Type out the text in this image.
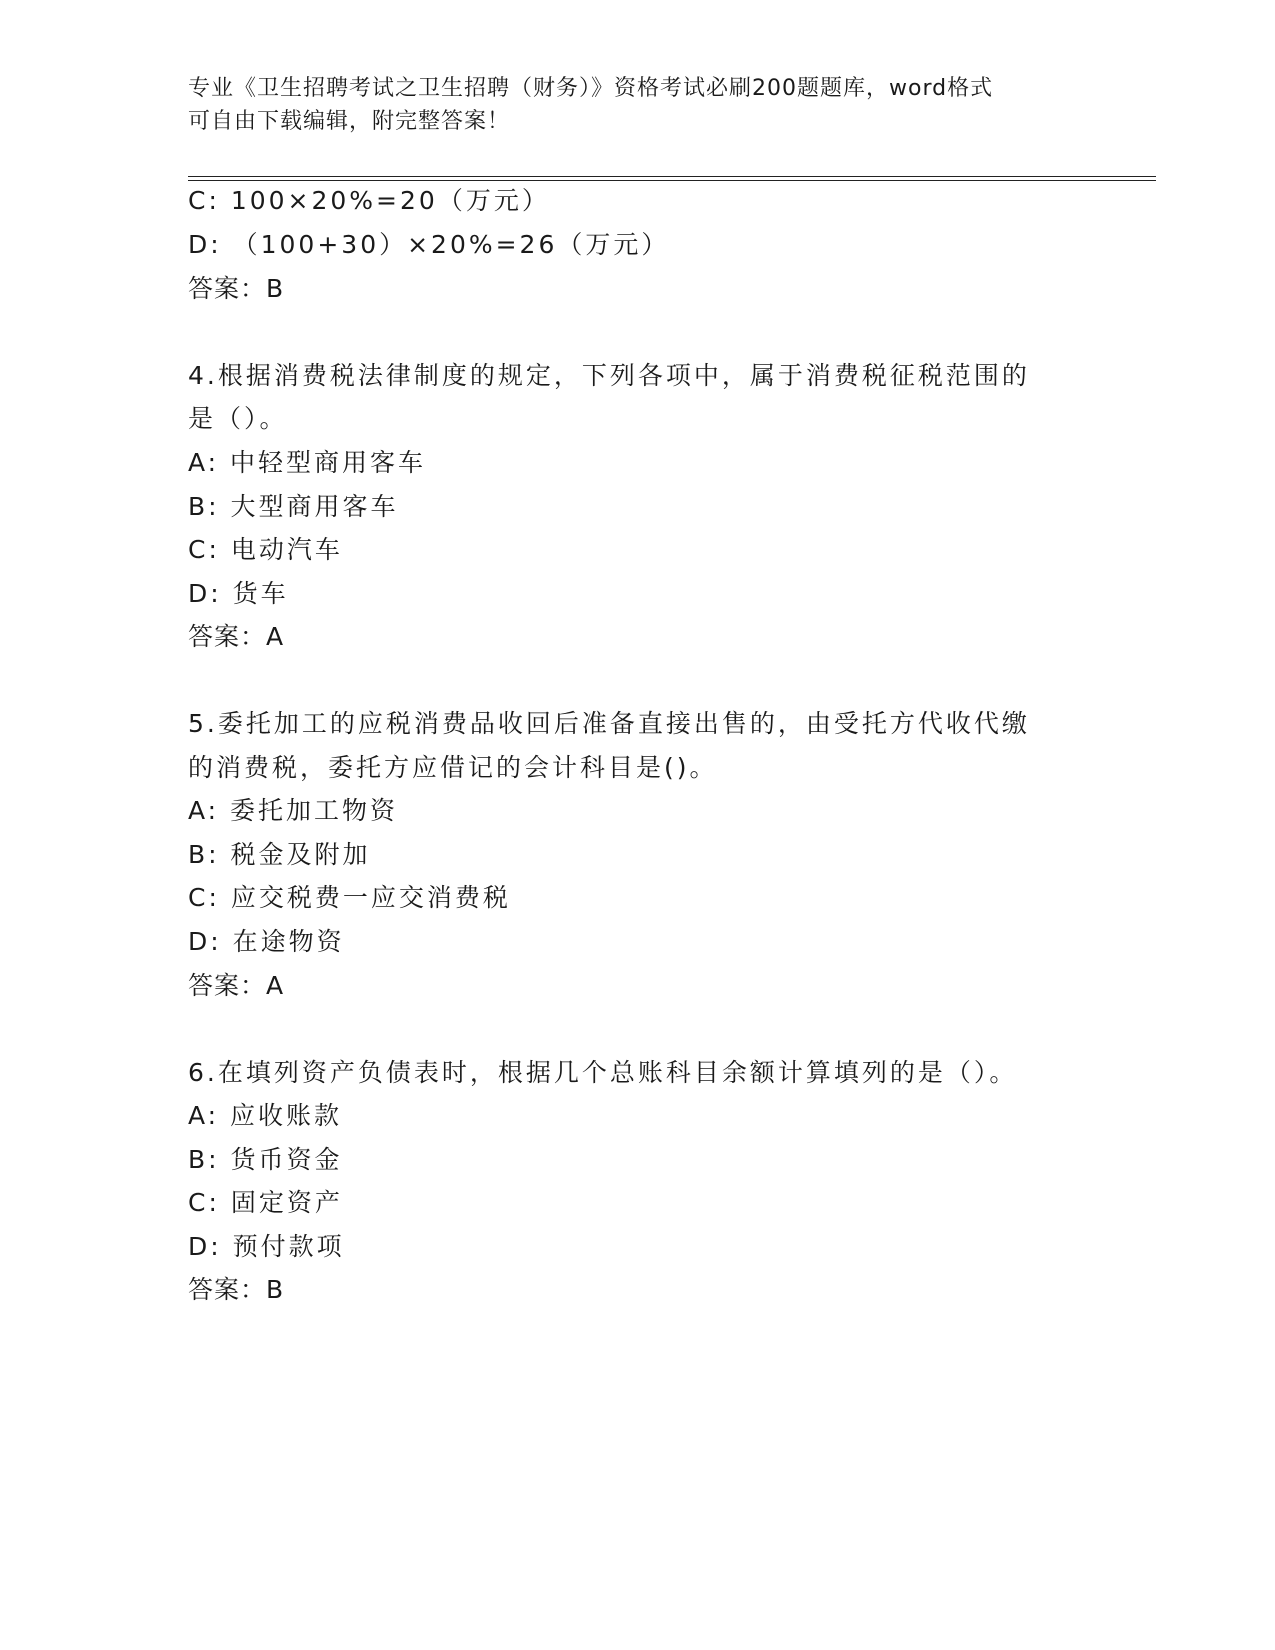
专业《卫生招聘考试之卫生招聘（财务）》资格考试必刷200题题库，word格式
可自由下载编辑，附完整答案！
C: 100×20%=20（万元）
D: （100+30）×20%=26（万元）
答案：B
4.根据消费税法律制度的规定，下列各项中，属于消费税征税范围的
是（）。
A: 中轻型商用客车
B: 大型商用客车
C: 电动汽车
D: 货车
答案：A
5.委托加工的应税消费品收回后准备直接出售的，由受托方代收代缴
的消费税，委托方应借记的会计科目是()。
A: 委托加工物资
B: 税金及附加
C: 应交税费一应交消费税
D: 在途物资
答案：A
6.在填列资产负债表时，根据几个总账科目余额计算填列的是（）。
A: 应收账款
B: 货币资金
C: 固定资产
D: 预付款项
答案：B
